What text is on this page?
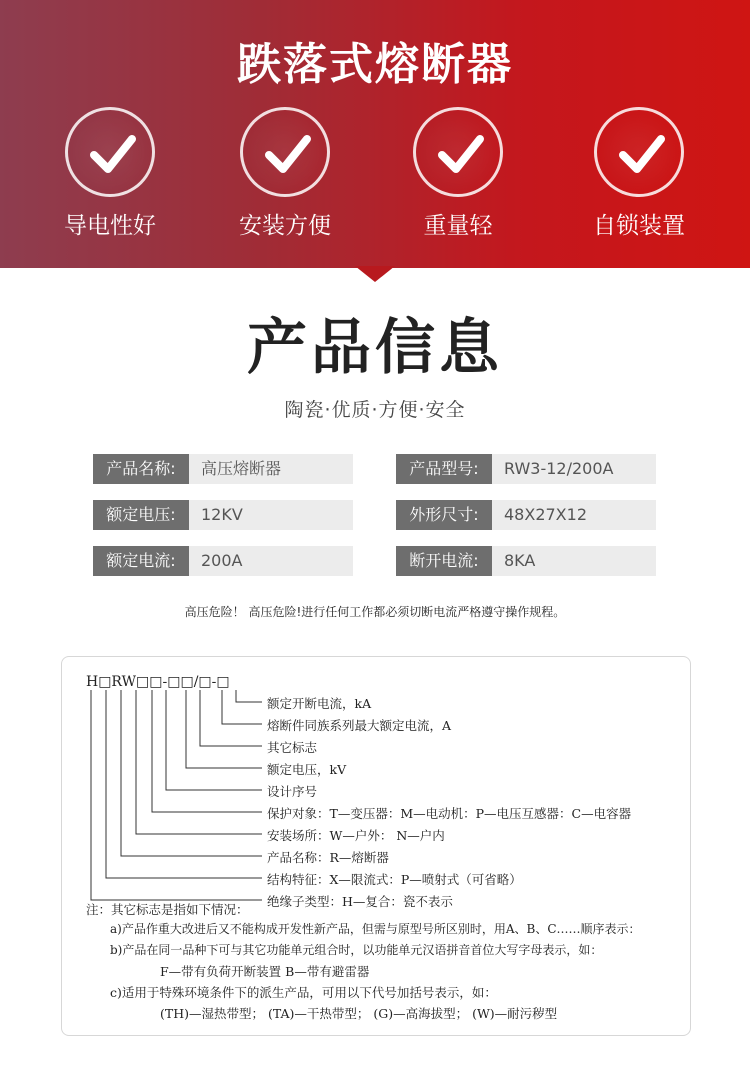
跌落式熔断器
导电性好	安装方便	重量轻	自锁装置
产品信息
陶瓷·优质·方便·安全
产品名称:	高压熔断器	产品型号:	RW3-12/200A
额定电压:	12KV	外形尺寸:	48X27X12
额定电流:	200A	断开电流:	8KA
高压危险！ 高压危险!进行任何工作都必须切断电流严格遵守操作规程。
H□RW□□-□□/□-□
额定开断电流，kA
熔断件同族系列最大额定电流，A
其它标志
额定电压，kV
设计序号
保护对象：T—变压器：M—电动机：P—电压互感器：C—电容器
安装场所：W—户外： N—户内
产品名称：R—熔断器
结构特征：X—限流式：P—喷射式（可省略）
绝缘子类型：H—复合：瓷不表示
注：其它标志是指如下情况：
a)产品作重大改进后又不能构成开发性新产品，但需与原型号所区别时，用A、B、C……顺序表示：
b)产品在同一品种下可与其它功能单元组合时，以功能单元汉语拼音首位大写字母表示，如：
F—带有负荷开断装置 B—带有避雷器
c)适用于特殊环境条件下的派生产品，可用以下代号加括号表示，如：
(TH)—湿热带型； (TA)—干热带型； (G)—高海拔型； (W)—耐污秽型
